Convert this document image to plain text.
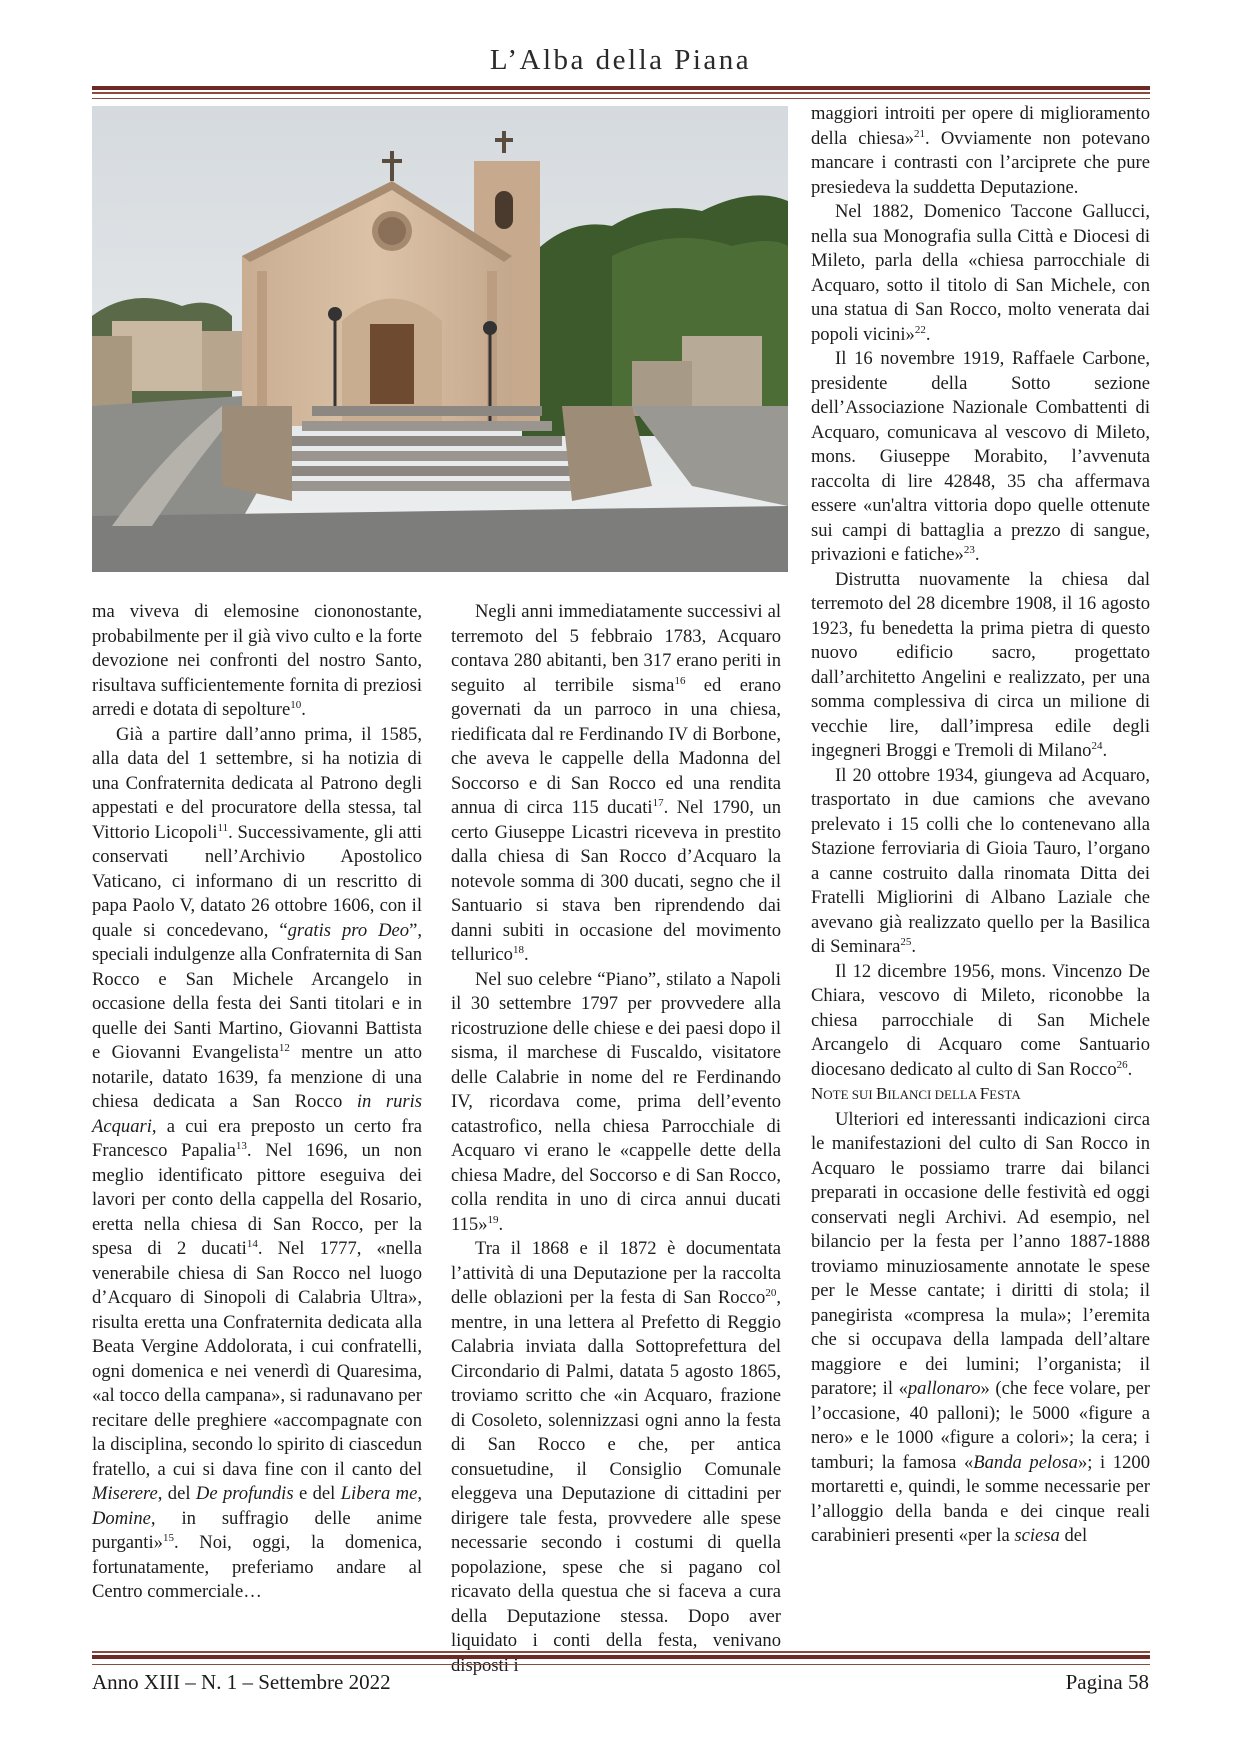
L’Alba della Piana

ma viveva di elemosine ciononostante, probabilmente per il già vivo culto e la forte devozione nei confronti del nostro Santo, risultava sufficientemente fornita di preziosi arredi e dotata di sepolture$^{10}$.

Già a partire dall’anno prima, il 1585, alla data del 1 settembre, si ha notizia di una Confraternita dedicata al Patrono degli appestati e del procuratore della stessa, tal Vittorio Licopoli$^{11}$. Successivamente, gli atti conservati nell’Archivio Apostolico Vaticano, ci informano di un rescritto di papa Paolo V, datato 26 ottobre 1606, con il quale si concedevano, “gratis pro Deo”, speciali indulgenze alla Confraternita di San Rocco e San Michele Arcangelo in occasione della festa dei Santi titolari e in quelle dei Santi Martino, Giovanni Battista e Giovanni Evangelista$^{12}$ mentre un atto notarile, datato 1639, fa menzione di una chiesa dedicata a San Rocco in ruris Acquari, a cui era preposto un certo fra Francesco Papalia$^{13}$. Nel 1696, un non meglio identificato pittore eseguiva dei lavori per conto della cappella del Rosario, eretta nella chiesa di San Rocco, per la spesa di 2 ducati$^{14}$. Nel 1777, «nella venerabile chiesa di San Rocco nel luogo d’Acquaro di Sinopoli di Calabria Ultra», risulta eretta una Confraternita dedicata alla Beata Vergine Addolorata, i cui confratelli, ogni domenica e nei venerdì di Quaresima, «al tocco della campana», si radunavano per recitare delle preghiere «accompagnate con la disciplina, secondo lo spirito di ciascedun fratello, a cui si dava fine con il canto del Miserere, del De profundis e del Libera me, Domine, in suffragio delle anime purganti»$^{15}$. Noi, oggi, la domenica, fortunatamente, preferiamo andare al Centro commerciale…

Negli anni immediatamente successivi al terremoto del 5 febbraio 1783, Acquaro contava 280 abitanti, ben 317 erano periti in seguito al terribile sisma$^{16}$ ed erano governati da un parroco in una chiesa, riedificata dal re Ferdinando IV di Borbone, che aveva le cappelle della Madonna del Soccorso e di San Rocco ed una rendita annua di circa 115 ducati$^{17}$. Nel 1790, un certo Giuseppe Licastri riceveva in prestito dalla chiesa di San Rocco d’Acquaro la notevole somma di 300 ducati, segno che il Santuario si stava ben riprendendo dai danni subiti in occasione del movimento tellurico$^{18}$.

Nel suo celebre “Piano”, stilato a Napoli il 30 settembre 1797 per provvedere alla ricostruzione delle chiese e dei paesi dopo il sisma, il marchese di Fuscaldo, visitatore delle Calabrie in nome del re Ferdinando IV, ricordava come, prima dell’evento catastrofico, nella chiesa Parrocchiale di Acquaro vi erano le «cappelle dette della chiesa Madre, del Soccorso e di San Rocco, colla rendita in uno di circa annui ducati 115»$^{19}$.

Tra il 1868 e il 1872 è documentata l’attività di una Deputazione per la raccolta delle oblazioni per la festa di San Rocco$^{20}$, mentre, in una lettera al Prefetto di Reggio Calabria inviata dalla Sottoprefettura del Circondario di Palmi, datata 5 agosto 1865, troviamo scritto che «in Acquaro, frazione di Cosoleto, solennizzasi ogni anno la festa di San Rocco e che, per antica consuetudine, il Consiglio Comunale eleggeva una Deputazione di cittadini per dirigere tale festa, provvedere alle spese necessarie secondo i costumi di quella popolazione, spese che si pagano col ricavato della questua che si faceva a cura della Deputazione stessa. Dopo aver liquidato i conti della festa, venivano disposti i

maggiori introiti per opere di miglioramento della chiesa»$^{21}$. Ovviamente non potevano mancare i contrasti con l’arciprete che pure presiedeva la suddetta Deputazione.

Nel 1882, Domenico Taccone Gallucci, nella sua Monografia sulla Città e Diocesi di Mileto, parla della «chiesa parrocchiale di Acquaro, sotto il titolo di San Michele, con una statua di San Rocco, molto venerata dai popoli vicini»$^{22}$.

Il 16 novembre 1919, Raffaele Carbone, presidente della Sotto sezione dell’Associazione Nazionale Combattenti di Acquaro, comunicava al vescovo di Mileto, mons. Giuseppe Morabito, l’avvenuta raccolta di lire 42848, 35 cha affermava essere «un'altra vittoria dopo quelle ottenute sui campi di battaglia a prezzo di sangue, privazioni e fatiche»$^{23}$.

Distrutta nuovamente la chiesa dal terremoto del 28 dicembre 1908, il 16 agosto 1923, fu benedetta la prima pietra di questo nuovo edificio sacro, progettato dall’architetto Angelini e realizzato, per una somma complessiva di circa un milione di vecchie lire, dall’impresa edile degli ingegneri Broggi e Tremoli di Milano$^{24}$.

Il 20 ottobre 1934, giungeva ad Acquaro, trasportato in due camions che avevano prelevato i 15 colli che lo contenevano alla Stazione ferroviaria di Gioia Tauro, l’organo a canne costruito dalla rinomata Ditta dei Fratelli Migliorini di Albano Laziale che avevano già realizzato quello per la Basilica di Seminara$^{25}$.

Il 12 dicembre 1956, mons. Vincenzo De Chiara, vescovo di Mileto, riconobbe la chiesa parrocchiale di San Michele Arcangelo di Acquaro come Santuario diocesano dedicato al culto di San Rocco$^{26}$.

NOTE SUI BILANCI DELLA FESTA

Ulteriori ed interessanti indicazioni circa le manifestazioni del culto di San Rocco in Acquaro le possiamo trarre dai bilanci preparati in occasione delle festività ed oggi conservati negli Archivi. Ad esempio, nel bilancio per la festa per l’anno 1887-1888 troviamo minuziosamente annotate le spese per le Messe cantate; i diritti di stola; il panegirista «compresa la mula»; l’eremita che si occupava della lampada dell’altare maggiore e dei lumini; l’organista; il paratore; il «pallonaro» (che fece volare, per l’occasione, 40 palloni); le 5000 «figure a nero» e le 1000 «figure a colori»; la cera; i tamburi; la famosa «Banda pelosa»; i 1200 mortaretti e, quindi, le somme necessarie per l’alloggio della banda e dei cinque reali carabinieri presenti «per la sciesa del

Anno XIII – N. 1 – Settembre 2022	Pagina 58
